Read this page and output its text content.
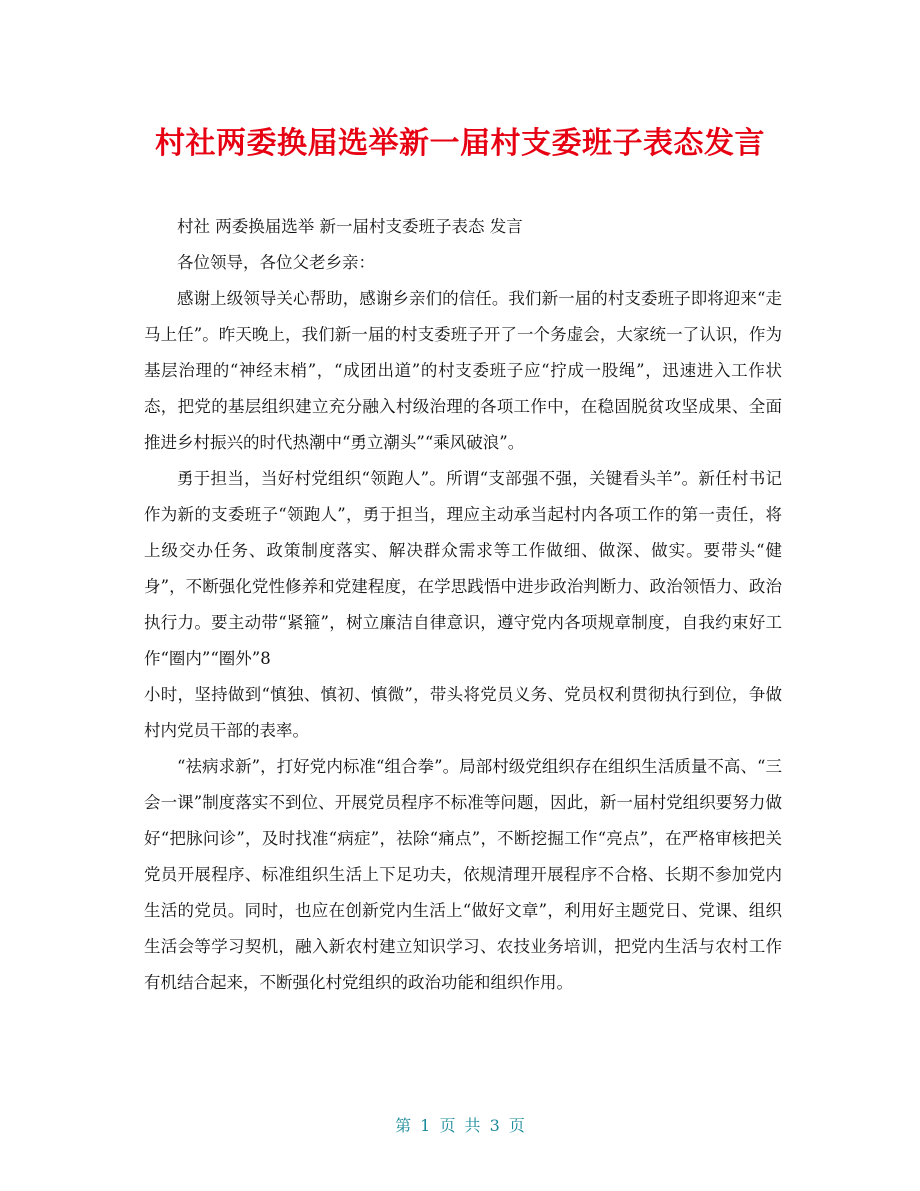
村社两委换届选举新一届村支委班子表态发言

村社 两委换届选举 新一届村支委班子表态 发言

各位领导，各位父老乡亲：

感谢上级领导关心帮助，感谢乡亲们的信任。我们新一届的村支委班子即将迎来“走马上任”。昨天晚上，我们新一届的村支委班子开了一个务虚会，大家统一了认识，作为基层治理的“神经末梢”，“成团出道”的村支委班子应“拧成一股绳”，迅速进入工作状态，把党的基层组织建立充分融入村级治理的各项工作中，在稳固脱贫攻坚成果、全面推进乡村振兴的时代热潮中“勇立潮头”“乘风破浪”。

勇于担当，当好村党组织“领跑人”。所谓“支部强不强，关键看头羊”。新任村书记作为新的支委班子“领跑人”，勇于担当，理应主动承当起村内各项工作的第一责任，将上级交办任务、政策制度落实、解决群众需求等工作做细、做深、做实。要带头“健身”，不断强化党性修养和党建程度，在学思践悟中进步政治判断力、政治领悟力、政治执行力。要主动带“紧箍”，树立廉洁自律意识，遵守党内各项规章制度，自我约束好工作“圈内”“圈外”8

小时，坚持做到“慎独、慎初、慎微”，带头将党员义务、党员权利贯彻执行到位，争做村内党员干部的表率。

“祛病求新”，打好党内标准“组合拳”。局部村级党组织存在组织生活质量不高、“三会一课”制度落实不到位、开展党员程序不标准等问题，因此，新一届村党组织要努力做好“把脉问诊”，及时找准“病症”，祛除“痛点”，不断挖掘工作“亮点”，在严格审核把关党员开展程序、标准组织生活上下足功夫，依规清理开展程序不合格、长期不参加党内生活的党员。同时，也应在创新党内生活上“做好文章”，利用好主题党日、党课、组织生活会等学习契机，融入新农村建立知识学习、农技业务培训，把党内生活与农村工作有机结合起来，不断强化村党组织的政治功能和组织作用。

第 1 页 共 3 页
